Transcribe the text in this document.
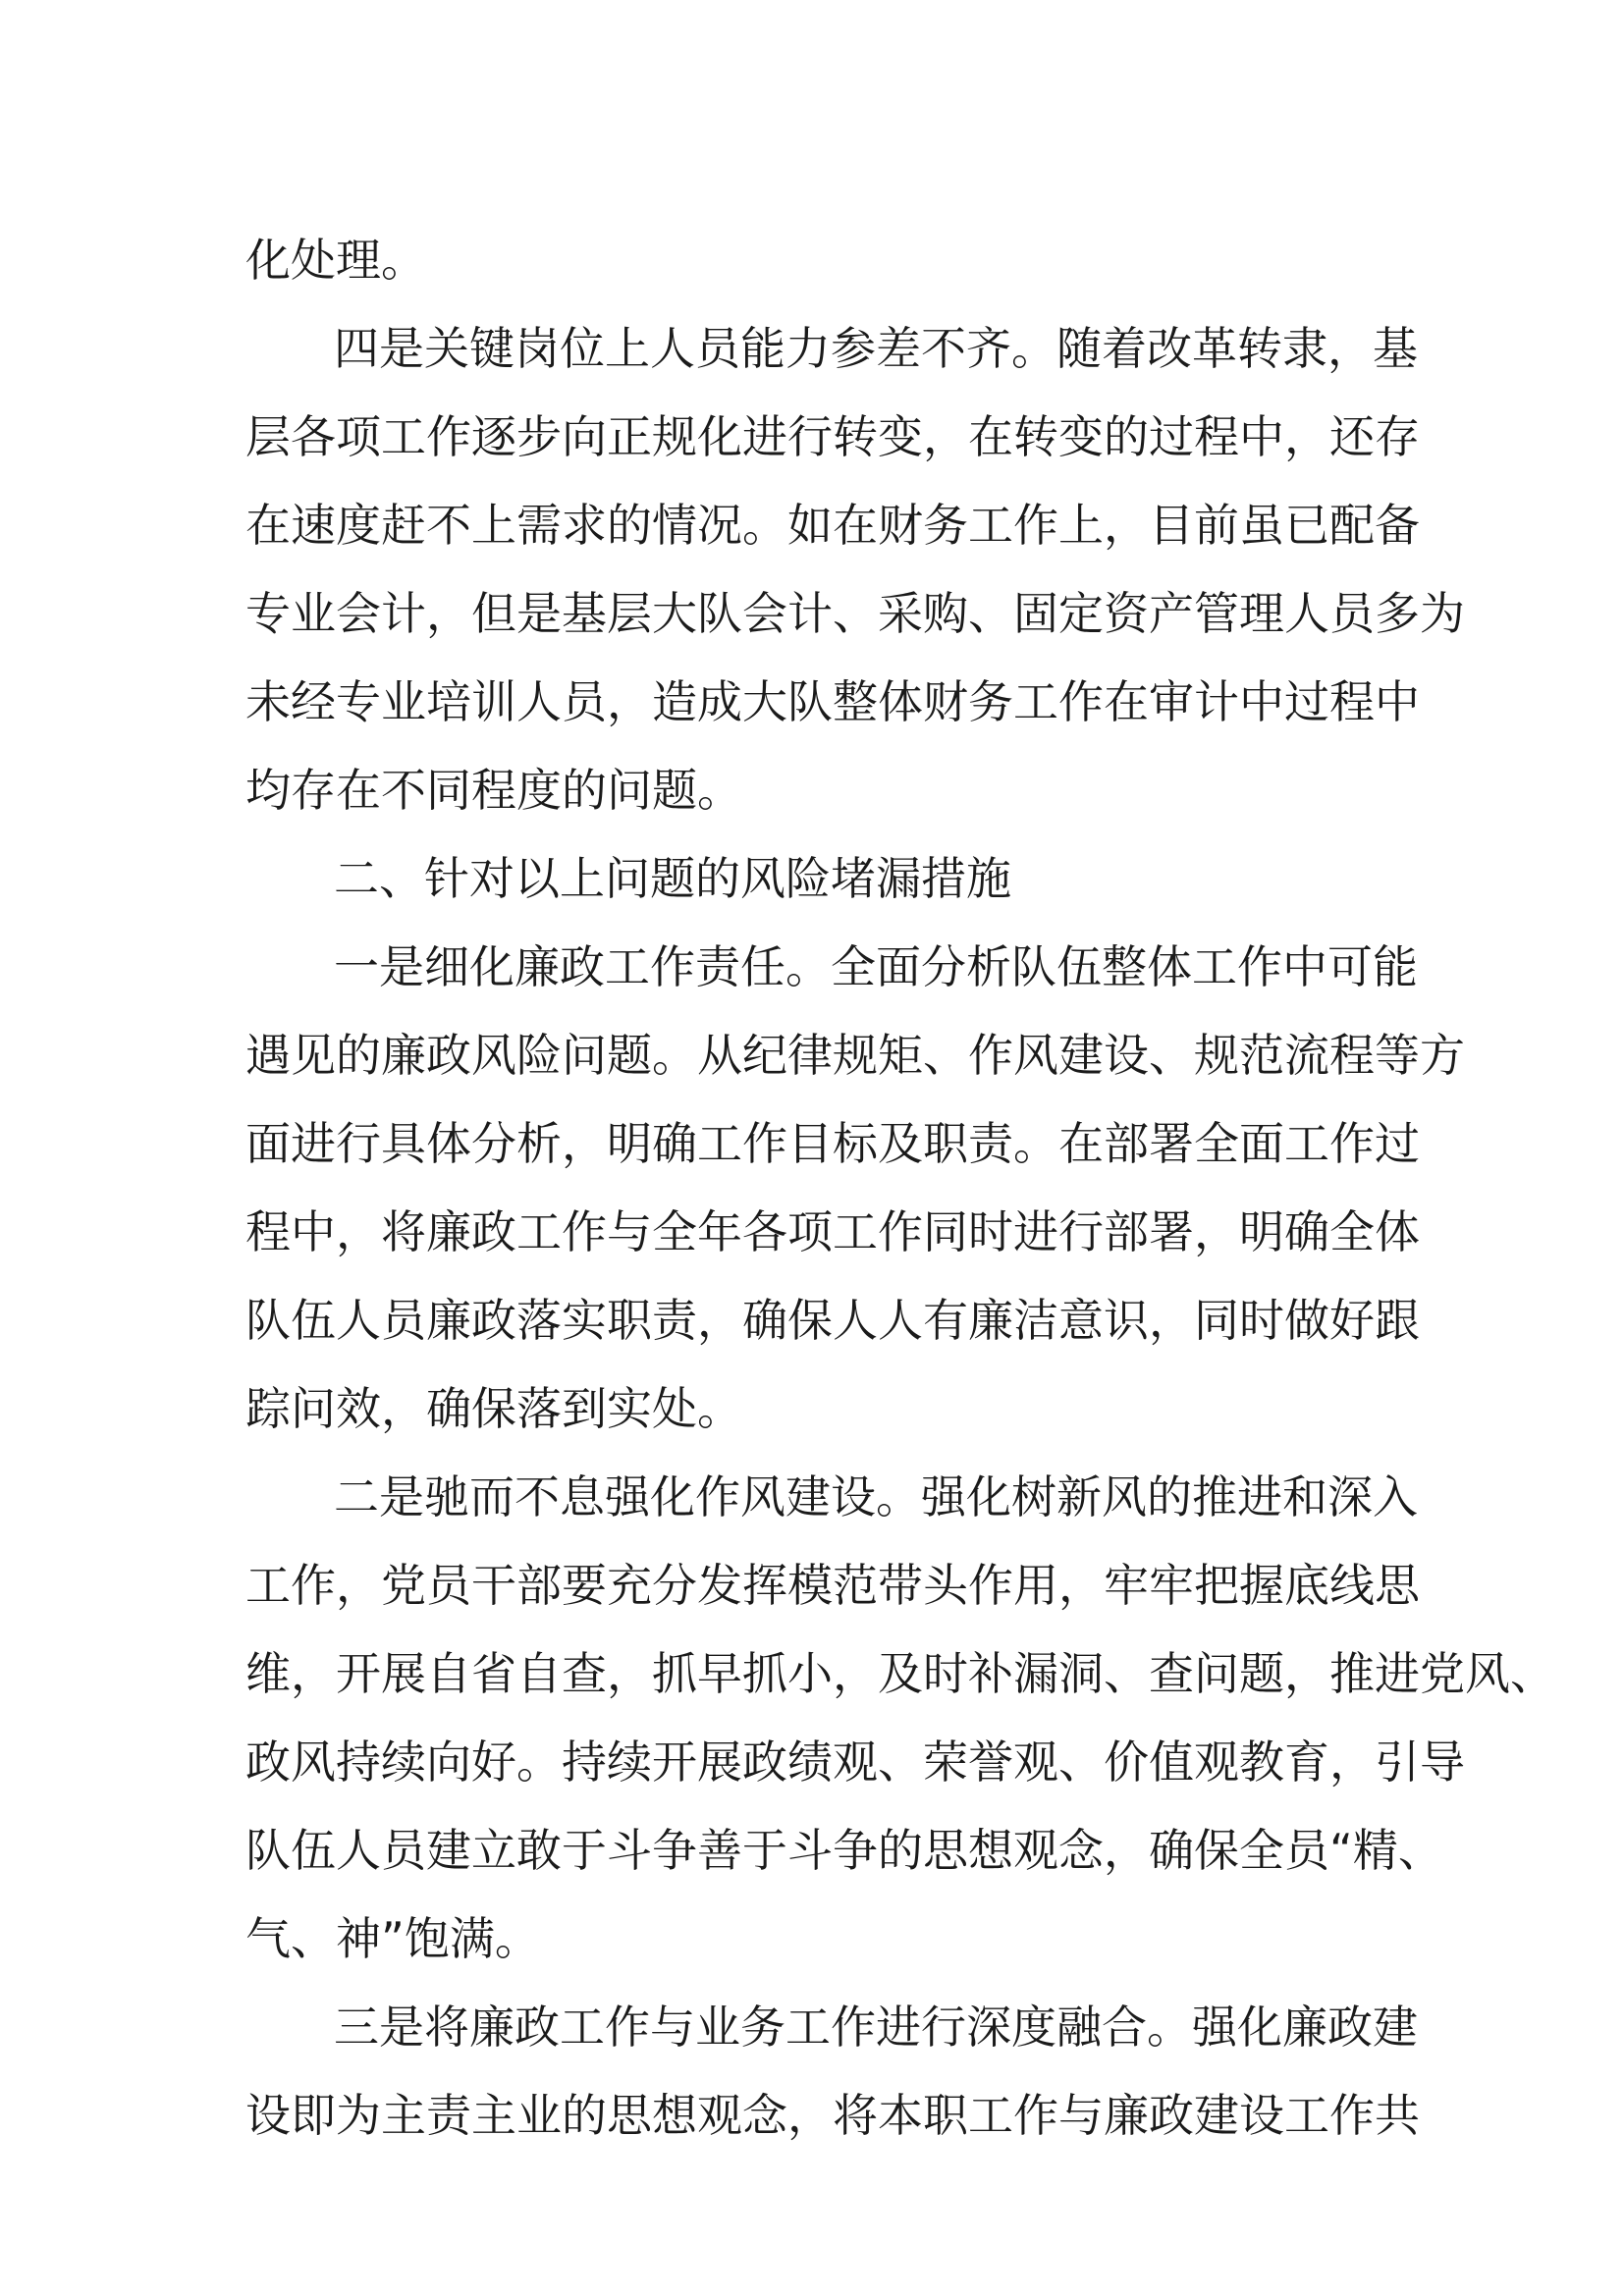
化处理。
四是关键岗位上人员能力参差不齐。随着改革转隶，基
层各项工作逐步向正规化进行转变，在转变的过程中，还存
在速度赶不上需求的情况。如在财务工作上，目前虽已配备
专业会计，但是基层大队会计、采购、固定资产管理人员多为
未经专业培训人员，造成大队整体财务工作在审计中过程中
均存在不同程度的问题。
二、针对以上问题的风险堵漏措施
一是细化廉政工作责任。全面分析队伍整体工作中可能
遇见的廉政风险问题。从纪律规矩、作风建设、规范流程等方
面进行具体分析，明确工作目标及职责。在部署全面工作过
程中，将廉政工作与全年各项工作同时进行部署，明确全体
队伍人员廉政落实职责，确保人人有廉洁意识，同时做好跟
踪问效，确保落到实处。
二是驰而不息强化作风建设。强化树新风的推进和深入
工作，党员干部要充分发挥模范带头作用，牢牢把握底线思
维，开展自省自查，抓早抓小，及时补漏洞、查问题，推进党风、
政风持续向好。持续开展政绩观、荣誉观、价值观教育，引导
队伍人员建立敢于斗争善于斗争的思想观念，确保全员“精、
气、神”饱满。
三是将廉政工作与业务工作进行深度融合。强化廉政建
设即为主责主业的思想观念，将本职工作与廉政建设工作共
